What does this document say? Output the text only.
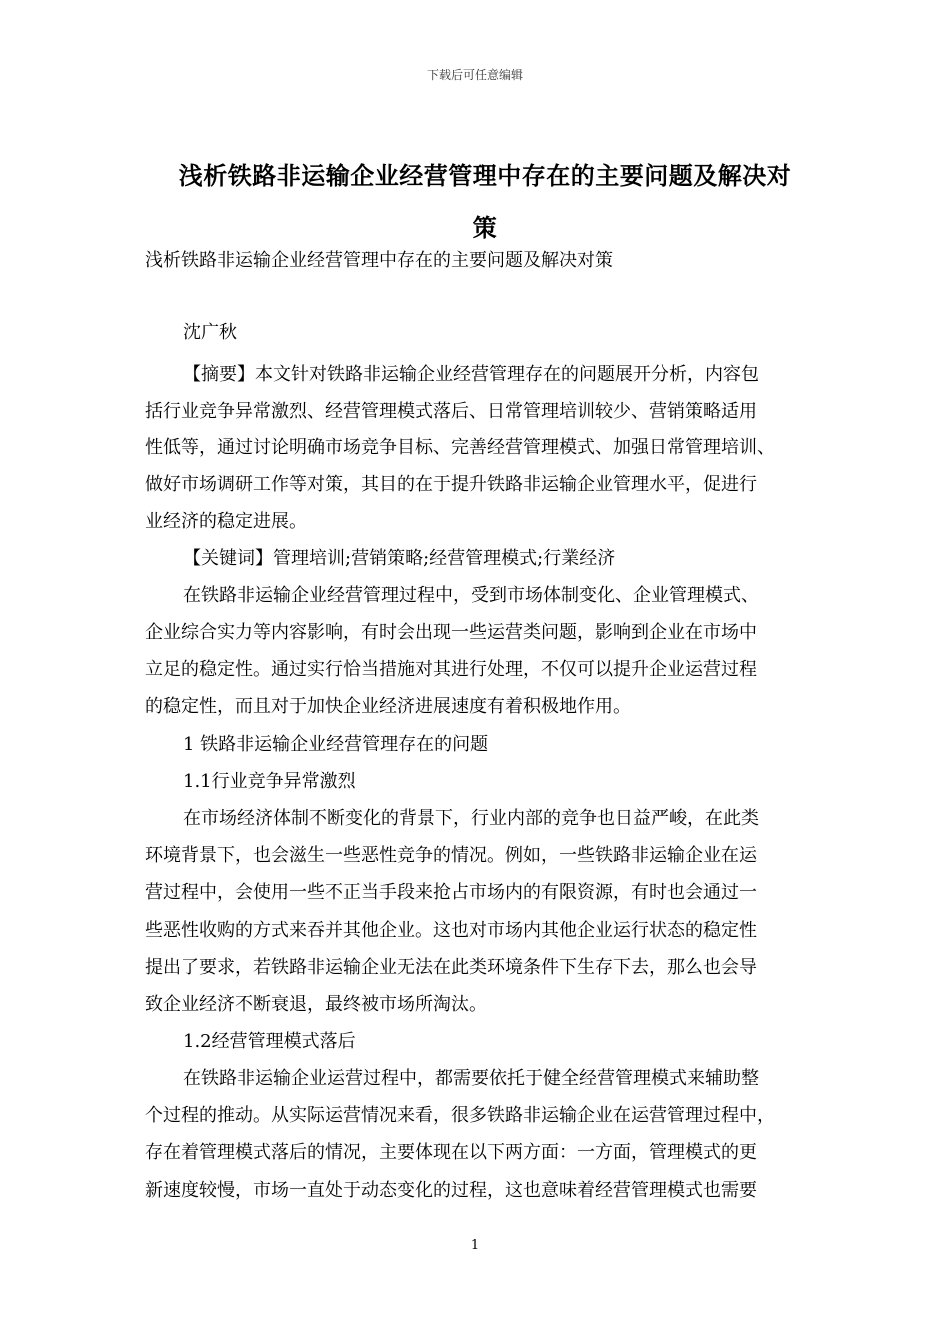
下载后可任意编辑
浅析铁路非运输企业经营管理中存在的主要问题及解决对
策
浅析铁路非运输企业经营管理中存在的主要问题及解决对策
沈广秋
【摘要】本文针对铁路非运输企业经营管理存在的问题展开分析，内容包
括行业竞争异常激烈、经营管理模式落后、日常管理培训较少、营销策略适用
性低等，通过讨论明确市场竞争目标、完善经营管理模式、加强日常管理培训、
做好市场调研工作等对策，其目的在于提升铁路非运输企业管理水平，促进行
业经济的稳定进展。
【关键词】管理培训;营销策略;经营管理模式;行業经济
在铁路非运输企业经营管理过程中，受到市场体制变化、企业管理模式、
企业综合实力等内容影响，有时会出现一些运营类问题，影响到企业在市场中
立足的稳定性。通过实行恰当措施对其进行处理，不仅可以提升企业运营过程
的稳定性，而且对于加快企业经济进展速度有着积极地作用。
1 铁路非运输企业经营管理存在的问题
1.1行业竞争异常激烈
在市场经济体制不断变化的背景下，行业内部的竞争也日益严峻，在此类
环境背景下，也会滋生一些恶性竞争的情况。例如，一些铁路非运输企业在运
营过程中，会使用一些不正当手段来抢占市场内的有限资源，有时也会通过一
些恶性收购的方式来吞并其他企业。这也对市场内其他企业运行状态的稳定性
提出了要求，若铁路非运输企业无法在此类环境条件下生存下去，那么也会导
致企业经济不断衰退，最终被市场所淘汰。
1.2经营管理模式落后
在铁路非运输企业运营过程中，都需要依托于健全经营管理模式来辅助整
个过程的推动。从实际运营情况来看，很多铁路非运输企业在运营管理过程中，
存在着管理模式落后的情况，主要体现在以下两方面：一方面，管理模式的更
新速度较慢，市场一直处于动态变化的过程，这也意味着经营管理模式也需要
1
